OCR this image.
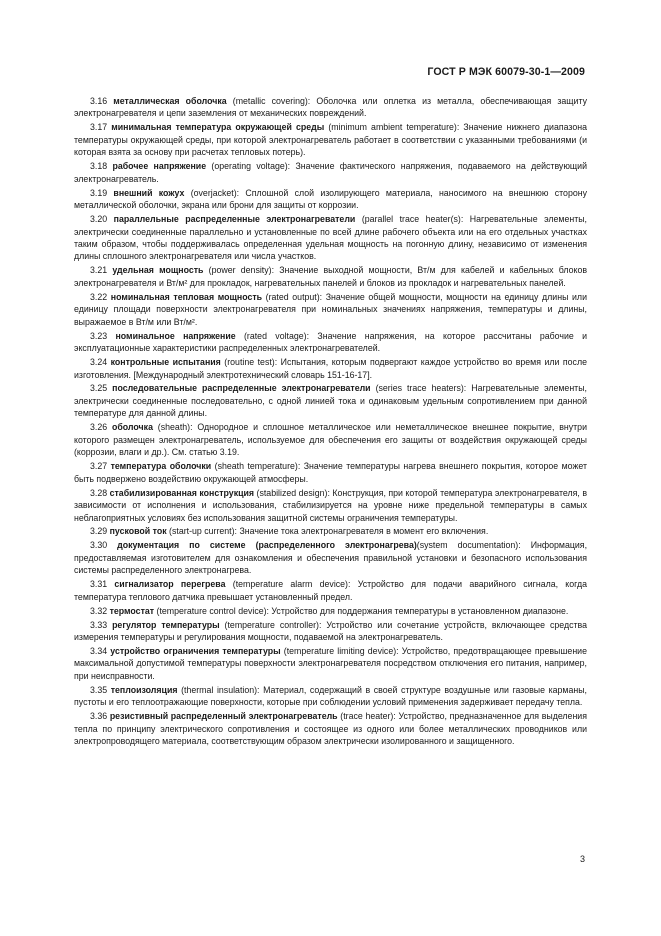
ГОСТ Р МЭК 60079-30-1—2009

3.16 металлическая оболочка (metallic covering): Оболочка или оплетка из металла, обеспечивающая защиту электронагревателя и цепи заземления от механических повреждений.

3.17 минимальная температура окружающей среды (minimum ambient temperature): Значение нижнего диапазона температуры окружающей среды, при которой электронагреватель работает в соответствии с указанными требованиями (и которая взята за основу при расчетах тепловых потерь).

3.18 рабочее напряжение (operating voltage): Значение фактического напряжения, подаваемого на действующий электронагреватель.

3.19 внешний кожух (overjacket): Сплошной слой изолирующего материала, наносимого на внешнюю сторону металлической оболочки, экрана или брони для защиты от коррозии.

3.20 параллельные распределенные электронагреватели (parallel trace heater(s): Нагревательные элементы, электрически соединенные параллельно и установленные по всей длине рабочего объекта или на его отдельных участках таким образом, чтобы поддерживалась определенная удельная мощность на погонную длину, независимо от изменения длины сплошного электронагревателя или числа участков.

3.21 удельная мощность (power density): Значение выходной мощности, Вт/м для кабелей и кабельных блоков электронагревателя и Вт/м² для прокладок, нагревательных панелей и блоков из прокладок и нагревательных панелей.

3.22 номинальная тепловая мощность (rated output): Значение общей мощности, мощности на единицу длины или единицу площади поверхности электронагревателя при номинальных значениях напряжения, температуры и длины, выражаемое в Вт/м или Вт/м².

3.23 номинальное напряжение (rated voltage): Значение напряжения, на которое рассчитаны рабочие и эксплуатационные характеристики распределенных электронагревателей.

3.24 контрольные испытания (routine test): Испытания, которым подвергают каждое устройство во время или после изготовления. [Международный электротехнический словарь 151-16-17].

3.25 последовательные распределенные электронагреватели (series trace heaters): Нагревательные элементы, электрически соединенные последовательно, с одной линией тока и одинаковым удельным сопротивлением при данной температуре для данной длины.

3.26 оболочка (sheath): Однородное и сплошное металлическое или неметаллическое внешнее покрытие, внутри которого размещен электронагреватель, используемое для обеспечения его защиты от воздействия окружающей среды (коррозии, влаги и др.). См. статью 3.19.

3.27 температура оболочки (sheath temperature): Значение температуры нагрева внешнего покрытия, которое может быть подвержено воздействию окружающей атмосферы.

3.28 стабилизированная конструкция (stabilized design): Конструкция, при которой температура электронагревателя, в зависимости от исполнения и использования, стабилизируется на уровне ниже предельной температуры в самых неблагоприятных условиях без использования защитной системы ограничения температуры.

3.29 пусковой ток (start-up current): Значение тока электронагревателя в момент его включения.

3.30 документация по системе (распределенного электронагрева)(system documentation): Информация, предоставляемая изготовителем для ознакомления и обеспечения правильной установки и безопасного использования системы распределенного электронагрева.

3.31 сигнализатор перегрева (temperature alarm device): Устройство для подачи аварийного сигнала, когда температура теплового датчика превышает установленный предел.

3.32 термостат (temperature control device): Устройство для поддержания температуры в установленном диапазоне.

3.33 регулятор температуры (temperature controller): Устройство или сочетание устройств, включающее средства измерения температуры и регулирования мощности, подаваемой на электронагреватель.

3.34 устройство ограничения температуры (temperature limiting device): Устройство, предотвращающее превышение максимальной допустимой температуры поверхности электронагревателя посредством отключения его питания, например, при неисправности.

3.35 теплоизоляция (thermal insulation): Материал, содержащий в своей структуре воздушные или газовые карманы, пустоты и его теплоотражающие поверхности, которые при соблюдении условий применения задерживает передачу тепла.

3.36 резистивный распределенный электронагреватель (trace heater): Устройство, предназначенное для выделения тепла по принципу электрического сопротивления и состоящее из одного или более металлических проводников или электропроводящего материала, соответствующим образом электрически изолированного и защищенного.

3
